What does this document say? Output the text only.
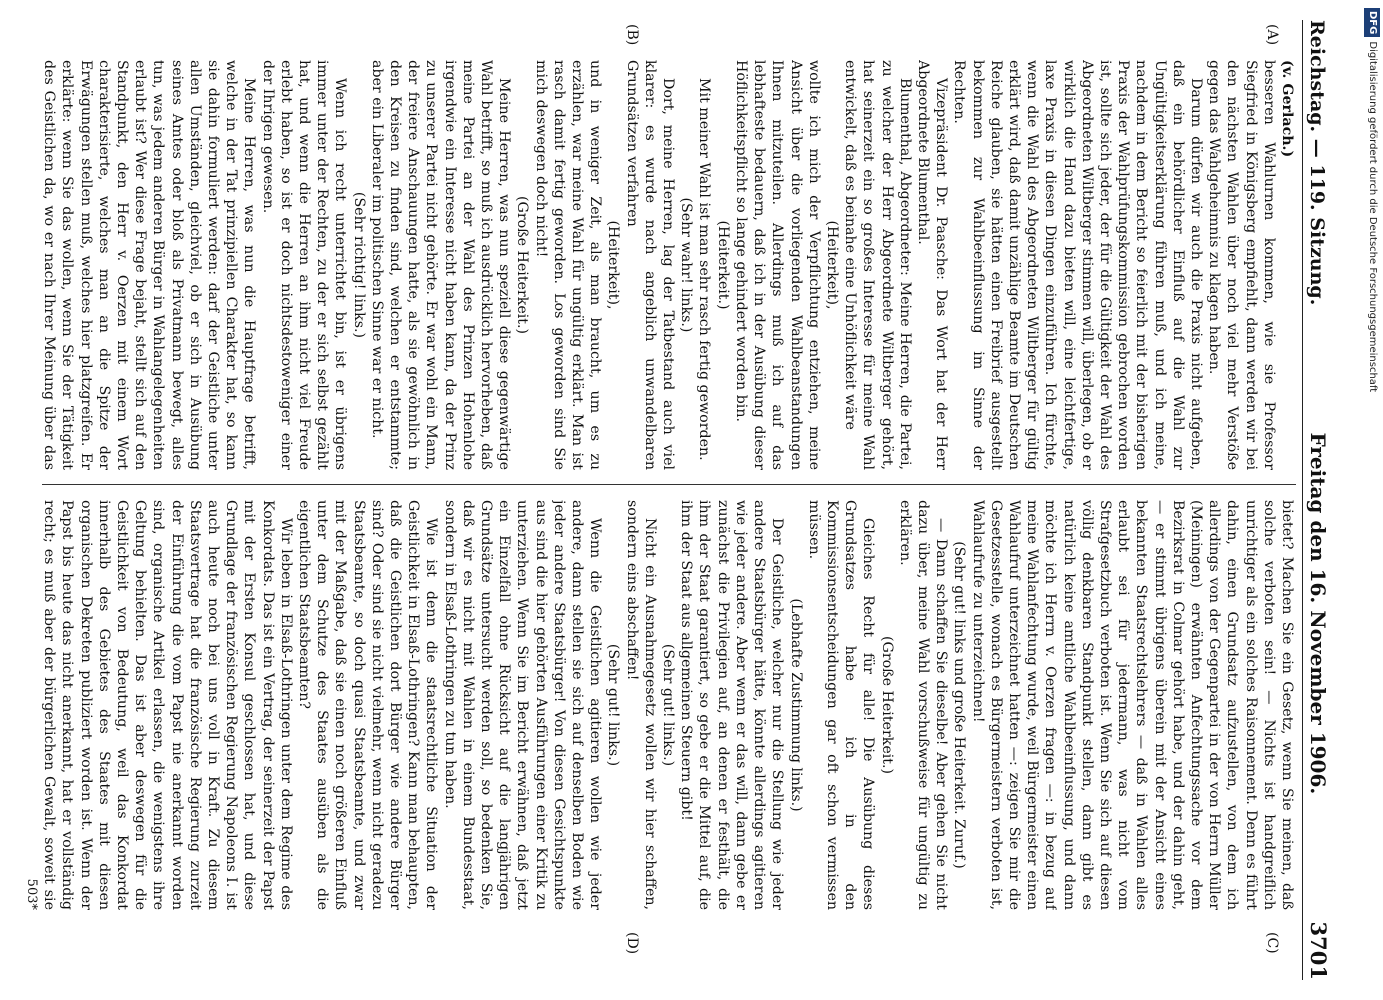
Reichstag. — 119. Sitzung.
Freitag den 16. November 1906.
3701
(A)
(B)
(C)
(D)

(v. Gerlach.)

besseren Wahlurnen kommen, wie sie Professor Siegfried in Königsberg empfiehlt, dann werden wir bei den nächsten Wahlen über noch viel mehr Verstöße gegen das Wahlgeheimnis zu klagen haben.

Darum dürfen wir auch die Praxis nicht aufgeben, daß ein behördlicher Einfluß auf die Wahl zur Ungültigkeitserklärung führen muß, und ich meine, nachdem in dem Bericht so feierlich mit der bisherigen Praxis der Wahlprüfungskommission gebrochen worden ist, sollte sich jeder, der für die Gültigkeit der Wahl des Abgeordneten Wiltberger stimmen will, überlegen, ob er wirklich die Hand dazu bieten will, eine leichtfertige, laxe Praxis in diesen Dingen einzuführen. Ich fürchte, wenn die Wahl des Abgeordneten Wiltberger für gültig erklärt wird, daß damit unzählige Beamte im Deutschen Reiche glauben, sie hätten einen Freibrief ausgestellt bekommen zur Wahlbeeinflussung im Sinne der Rechten.

Vizepräsident Dr. Paasche: Das Wort hat der Herr Abgeordnete Blumenthal.

Blumenthal, Abgeordneter: Meine Herren, die Partei, zu welcher der Herr Abgeordnete Wiltberger gehört, hat seinerzeit ein so großes Interesse für meine Wahl entwickelt, daß es beinahe eine Unhöflichkeit wäre

(Heiterkeit),

wollte ich mich der Verpflichtung entziehen, meine Ansicht über die vorliegenden Wahlbeanstandungen Ihnen mitzuteilen. Allerdings muß ich auf das lebhafteste bedauern, daß ich in der Ausübung dieser Höflichkeitspflicht so lange gehindert worden bin.

(Heiterkeit.)

Mit meiner Wahl ist man sehr rasch fertig geworden.

(Sehr wahr! links.)

Dort, meine Herren, lag der Tatbestand auch viel klarer: es wurde nach angeblich unwandelbaren Grundsätzen verfahren

(Heiterkeit),

und in weniger Zeit, als man braucht, um es zu erzählen, war meine Wahl für ungültig erklärt. Man ist rasch damit fertig geworden. Los geworden sind Sie mich deswegen doch nicht!

(Große Heiterkeit.)

Meine Herren, was nun speziell diese gegenwärtige Wahl betrifft, so muß ich ausdrücklich hervorheben, daß meine Partei an der Wahl des Prinzen Hohenlohe irgendwie ein Interesse nicht haben kann, da der Prinz zu unserer Partei nicht gehörte. Er war wohl ein Mann, der freiere Anschauungen hatte, als sie gewöhnlich in den Kreisen zu finden sind, welchen er entstammte; aber ein Liberaler im politischen Sinne war er nicht.

(Sehr richtig! links.)

Wenn ich recht unterrichtet bin, ist er übrigens immer unter der Rechten, zu der er sich selbst gezählt hat, und wenn die Herren an ihm nicht viel Freude erlebt haben, so ist er doch nichtsdestoweniger einer der Ihrigen gewesen.

Meine Herren, was nun die Hauptfrage betrifft, welche in der Tat prinzipiellen Charakter hat, so kann sie dahin formuliert werden: darf der Geistliche unter allen Umständen, gleichviel, ob er sich in Ausübung seines Amtes oder bloß als Privatmann bewegt, alles tun, was jedem anderen Bürger in Wahlangelegenheiten erlaubt ist? Wer diese Frage bejaht, stellt sich auf den Standpunkt, den Herr v. Oerzen mit einem Wort charakterisierte, welches man an die Spitze der Erwägungen stellen muß, welches hier platzgreifen. Er erklärte: wenn Sie das wollen, wenn Sie der Tätigkeit des Geistlichen da, wo er nach Ihrer Meinung über das

bietet? Machen Sie ein Gesetz, wenn Sie meinen, daß solche verboten sein! — Nichts ist handgreiflich unrichtiger als ein solches Raisonnement. Denn es führt dahin, einen Grundsatz aufzustellen, von dem ich allerdings von der Gegenpartei in der von Herrn Müller (Meiningen) erwähnten Anfechtungssache vor dem Bezirksrat in Colmar gehört habe, und der dahin geht, — er stimmt übrigens überein mit der Ansicht eines bekannten Staatsrechtslehrers — daß in Wahlen alles erlaubt sei für jedermann, was nicht vom Strafgesetzbuch verboten ist. Wenn Sie sich auf diesen völlig denkbaren Standpunkt stellen, dann gibt es natürlich keine amtliche Wahlbeeinflussung, und dann möchte ich Herrn v. Oerzen fragen —: in bezug auf meine Wahlanfechtung wurde, weil Bürgermeister einen Wahlaufruf unterzeichnet hatten —: zeigen Sie mir die Gesetzesstelle, wonach es Bürgermeistern verboten ist, Wahlaufrufe zu unterzeichnen!

(Sehr gut! links und große Heiterkeit. Zuruf.)

— Dann schaffen Sie dieselbe! Aber gehen Sie nicht dazu über, meine Wahl vorschußweise für ungültig zu erklären.

(Große Heiterkeit.)

Gleiches Recht für alle! Die Ausübung dieses Grundsatzes habe ich in den Kommissionsentscheidungen gar oft schon vermissen müssen.

(Lebhafte Zustimmung links.)

Der Geistliche, welcher nur die Stellung wie jeder andere Staatsbürger hätte, könnte allerdings agitieren wie jeder andere. Aber wenn er das will, dann gebe er zunächst die Privilegien auf, an denen er festhält, die ihm der Staat garantiert, so gebe er die Mittel auf, die ihm der Staat aus allgemeinen Steuern gibt!

(Sehr gut! links.)

Nicht ein Ausnahmegesetz wollen wir hier schaffen, sondern eins abschaffen!

(Sehr gut! links.)

Wenn die Geistlichen agitieren wollen wie jeder andere, dann stellen sie sich auf denselben Boden wie jeder andere Staatsbürger! Von diesen Gesichtspunkte aus sind die hier gehörten Ausführungen einer Kritik zu unterziehen. Wenn Sie im Bericht erwähnen, daß jetzt ein Einzelfall ohne Rücksicht auf die langjährigen Grundsätze untersucht werden soll, so bedenken Sie, daß wir es nicht mit Wahlen in einem Bundesstaat, sondern in Elsaß-Lothringen zu tun haben.

Wie ist denn die staatsrechtliche Situation der Geistlichkeit in Elsaß-Lothringen? Kann man behaupten, daß die Geistlichen dort Bürger wie andere Bürger sind? Oder sind sie nicht vielmehr, wenn nicht geradezu Staatsbeamte, so doch quasi Staatsbeamte, und zwar mit der Maßgabe, daß sie einen noch größeren Einfluß unter dem Schutze des Staates ausüben als die eigentlichen Staatsbeamten?

Wir leben in Elsaß-Lothringen unter dem Regime des Konkordats. Das ist ein Vertrag, der seinerzeit der Papst mit der Ersten Konsul geschlossen hat, und diese Grundlage der französischen Regierung Napoleons I. ist auch heute noch bei uns voll in Kraft. Zu diesem Staatsvertrage hat die französische Regierung zurzeit der Einführung die vom Papst nie anerkannt worden sind, organische Artikel erlassen, die wenigstens ihre Geltung behielten. Das ist aber deswegen für die Geistlichkeit von Bedeutung, weil das Konkordat innerhalb des Gebietes des Staates mit diesen organischen Dekreten publiziert worden ist. Wenn der Papst bis heute das nicht anerkannt, hat er vollständig recht; es muß aber der bürgerlichen Gewalt, soweit sie

503*
DFGDigitalisierung gefördert durch die Deutsche Forschungsgemeinschaft
